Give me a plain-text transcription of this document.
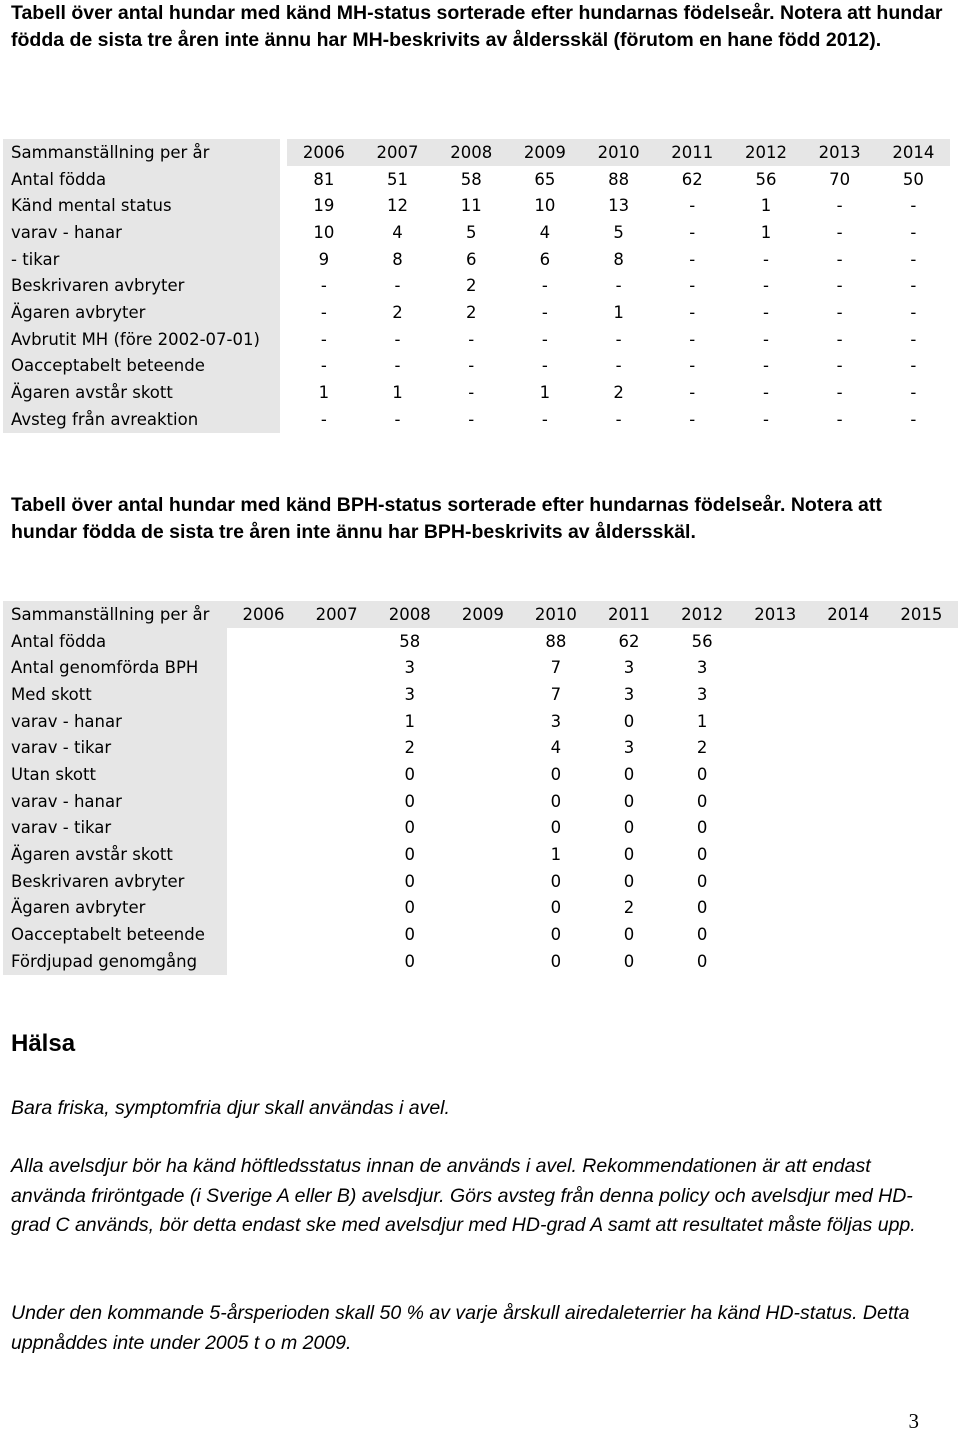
Tabell över antal hundar med känd MH-status sorterade efter hundarnas födelseår. Notera att hundar födda de sista tre åren inte ännu har MH-beskrivits av åldersskäl (förutom en hane född 2012).
Sammanställning per år		2006	2007	2008	2009	2010	2011	2012	2013	2014
Antal födda		81	51	58	65	88	62	56	70	50
Känd mental status		19	12	11	10	13	-	1	-	-
varav - hanar		10	4	5	4	5	-	1	-	-
- tikar		9	8	6	6	8	-	-	-	-
Beskrivaren avbryter		-	-	2	-	-	-	-	-	-
Ägaren avbryter		-	2	2	-	1	-	-	-	-
Avbrutit MH (före 2002-07-01)		-	-	-	-	-	-	-	-	-
Oacceptabelt beteende		-	-	-	-	-	-	-	-	-
Ägaren avstår skott		1	1	-	1	2	-	-	-	-
Avsteg från avreaktion		-	-	-	-	-	-	-	-	-
Tabell över antal hundar med känd BPH-status sorterade efter hundarnas födelseår. Notera att hundar födda de sista tre åren inte ännu har BPH-beskrivits av åldersskäl.
Sammanställning per år	2006	2007	2008	2009	2010	2011	2012	2013	2014	2015
Antal födda			58		88	62	56			
Antal genomförda BPH			3		7	3	3			
Med skott			3		7	3	3			
varav - hanar			1		3	0	1			
varav - tikar			2		4	3	2			
Utan skott			0		0	0	0			
varav - hanar			0		0	0	0			
varav - tikar			0		0	0	0			
Ägaren avstår skott			0		1	0	0			
Beskrivaren avbryter			0		0	0	0			
Ägaren avbryter			0		0	2	0			
Oacceptabelt beteende			0		0	0	0			
Fördjupad genomgång			0		0	0	0			
Hälsa

Bara friska, symptomfria djur skall användas i avel.

Alla avelsdjur bör ha känd höftledsstatus innan de används i avel. Rekommendationen är att endast använda friröntgade (i Sverige A eller B) avelsdjur. Görs avsteg från denna policy och avelsdjur med HD-grad C används, bör detta endast ske med avelsdjur med HD-grad A samt att resultatet måste följas upp.

Under den kommande 5-årsperioden skall 50 % av varje årskull airedaleterrier ha känd HD-status. Detta uppnåddes inte under 2005 t o m 2009.

3
